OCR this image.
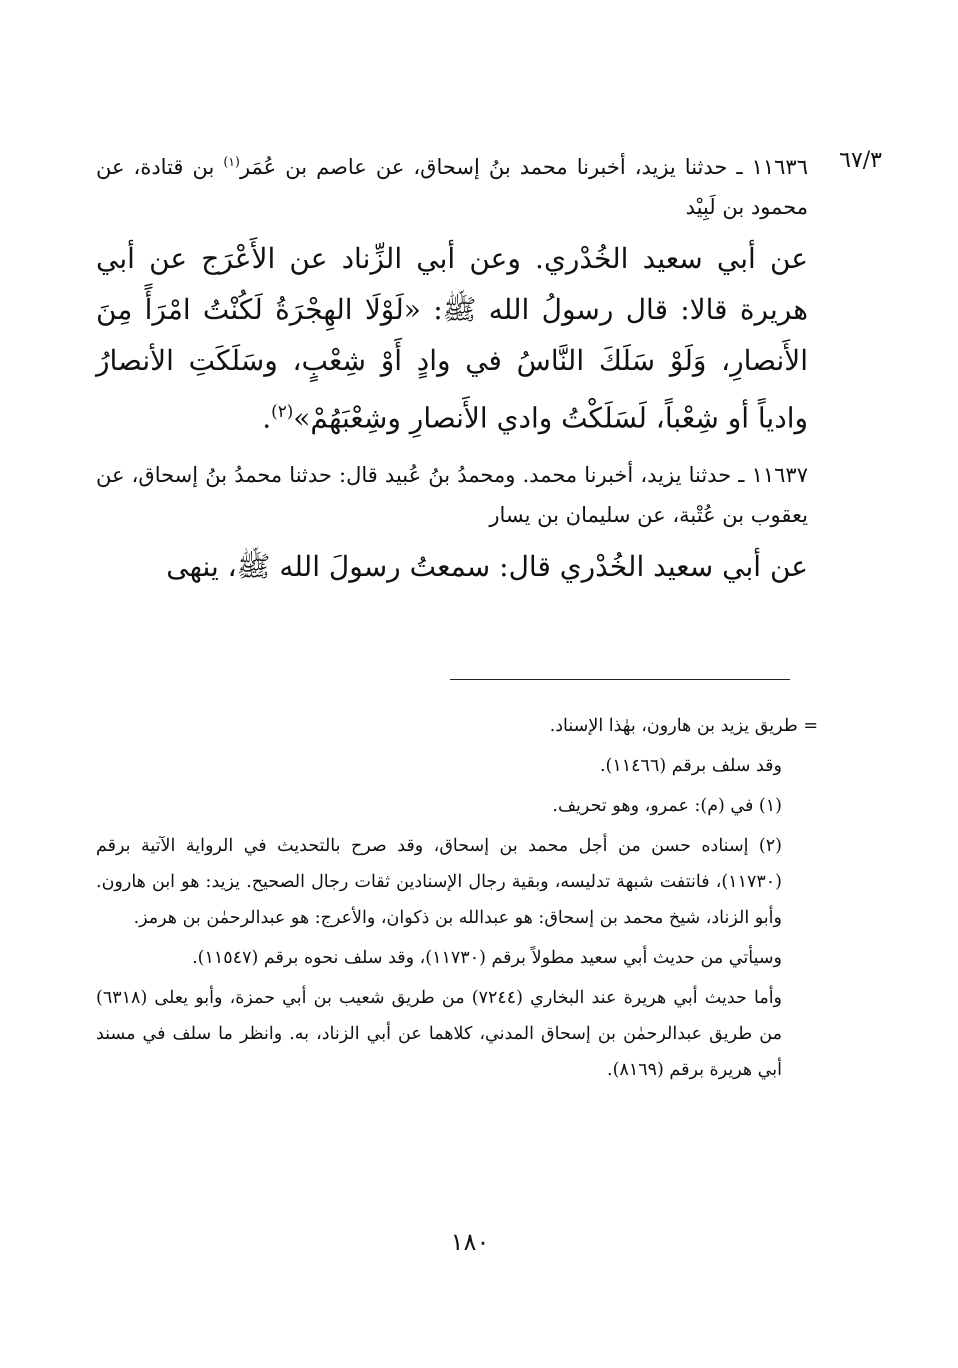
٦٧/٣

١١٦٣٦ ـ حدثنا يزيد، أخبرنا محمد بنُ إسحاق، عن عاصم بن عُمَر$^{(١)}$ بن قتادة، عن محمود بن لَبِيْد

عن أبي سعيد الخُدْري. وعن أبي الزِّناد عن الأَعْرَج عن أبي هريرة قالا: قال رسولُ الله ﷺ: «لَوْلَا الهِجْرَةُ لَكُنْتُ امْرَأً مِنَ الأَنصارِ، وَلَوْ سَلَكَ النَّاسُ في وادٍ أَوْ شِعْبٍ، وسَلَكَتِ الأنصارُ وادياً أو شِعْباً، لَسَلَكْتُ وادي الأَنصارِ وشِعْبَهُمْ»$^{(٢)}$.

١١٦٣٧ ـ حدثنا يزيد، أخبرنا محمد. ومحمدُ بنُ عُبيد قال: حدثنا محمدُ بنُ إسحاق، عن يعقوب بن عُتْبة، عن سليمان بن يسار

عن أبي سعيد الخُدْري قال: سمعتُ رسولَ الله ﷺ، ينهى

= طريق يزيد بن هارون، بهٰذا الإسناد.

وقد سلف برقم (١١٤٦٦).

(١) في (م): عمرو، وهو تحريف.

(٢) إسناده حسن من أجل محمد بن إسحاق، وقد صرح بالتحديث في الرواية الآتية برقم (١١٧٣٠)، فانتفت شبهة تدليسه، وبقية رجال الإسنادين ثقات رجال الصحيح. يزيد: هو ابن هارون. وأبو الزناد، شيخ محمد بن إسحاق: هو عبدالله بن ذكوان، والأعرج: هو عبدالرحمٰن بن هرمز.

وسيأتي من حديث أبي سعيد مطولاً برقم (١١٧٣٠)، وقد سلف نحوه برقم (١١٥٤٧).

وأما حديث أبي هريرة عند البخاري (٧٢٤٤) من طريق شعيب بن أبي حمزة، وأبو يعلى (٦٣١٨) من طريق عبدالرحمٰن بن إسحاق المدني، كلاهما عن أبي الزناد، به. وانظر ما سلف في مسند أبي هريرة برقم (٨١٦٩).

١٨٠
